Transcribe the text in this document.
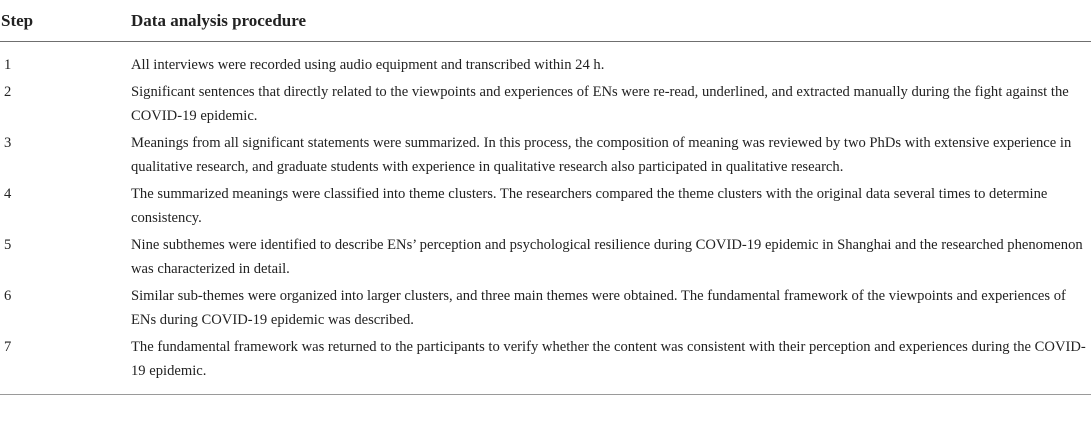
Step	Data analysis procedure
1	All interviews were recorded using audio equipment and transcribed within 24 h.
2	Significant sentences that directly related to the viewpoints and experiences of ENs were re-read, underlined, and extracted manually during the fight against the COVID-19 epidemic.
3	Meanings from all significant statements were summarized. In this process, the composition of meaning was reviewed by two PhDs with extensive experience in qualitative research, and graduate students with experience in qualitative research also participated in qualitative research.
4	The summarized meanings were classified into theme clusters. The researchers compared the theme clusters with the original data several times to determine consistency.
5	Nine subthemes were identified to describe ENs’ perception and psychological resilience during COVID-19 epidemic in Shanghai and the researched phenomenon was characterized in detail.
6	Similar sub-themes were organized into larger clusters, and three main themes were obtained. The fundamental framework of the viewpoints and experiences of ENs during COVID-19 epidemic was described.
7	The fundamental framework was returned to the participants to verify whether the content was consistent with their perception and experiences during the COVID-19 epidemic.
